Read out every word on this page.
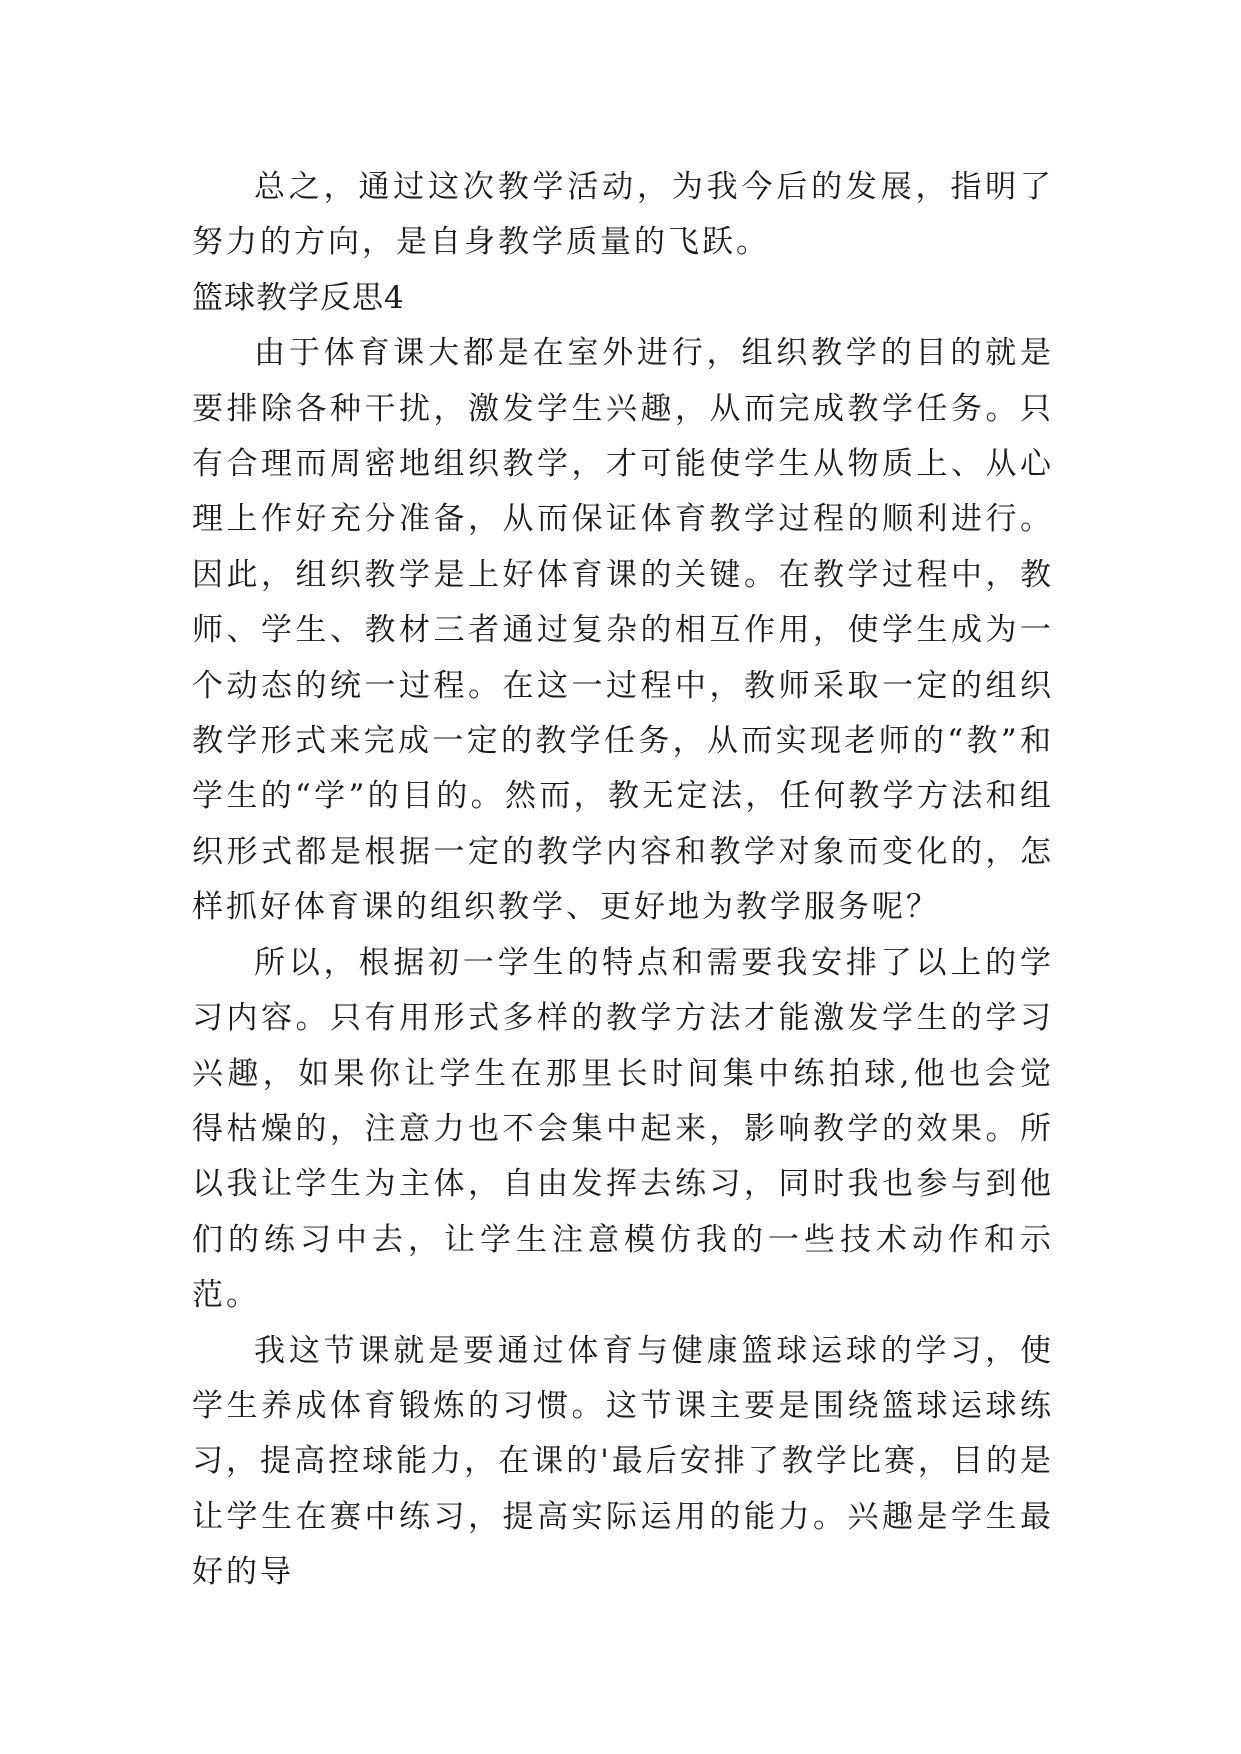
总之，通过这次教学活动，为我今后的发展，指明了努力的方向，是自身教学质量的飞跃。

篮球教学反思4

由于体育课大都是在室外进行，组织教学的目的就是要排除各种干扰，激发学生兴趣，从而完成教学任务。只有合理而周密地组织教学，才可能使学生从物质上、从心理上作好充分准备，从而保证体育教学过程的顺利进行。因此，组织教学是上好体育课的关键。在教学过程中，教师、学生、教材三者通过复杂的相互作用，使学生成为一个动态的统一过程。在这一过程中，教师采取一定的组织教学形式来完成一定的教学任务，从而实现老师的“教”和学生的“学”的目的。然而，教无定法，任何教学方法和组织形式都是根据一定的教学内容和教学对象而变化的，怎样抓好体育课的组织教学、更好地为教学服务呢？

所以，根据初一学生的特点和需要我安排了以上的学习内容。只有用形式多样的教学方法才能激发学生的学习兴趣，如果你让学生在那里长时间集中练拍球,他也会觉得枯燥的，注意力也不会集中起来，影响教学的效果。所以我让学生为主体，自由发挥去练习，同时我也参与到他们的练习中去，让学生注意模仿我的一些技术动作和示范。

我这节课就是要通过体育与健康篮球运球的学习，使学生养成体育锻炼的习惯。这节课主要是围绕篮球运球练习，提高控球能力，在课的'最后安排了教学比赛，目的是让学生在赛中练习，提高实际运用的能力。兴趣是学生最好的导
